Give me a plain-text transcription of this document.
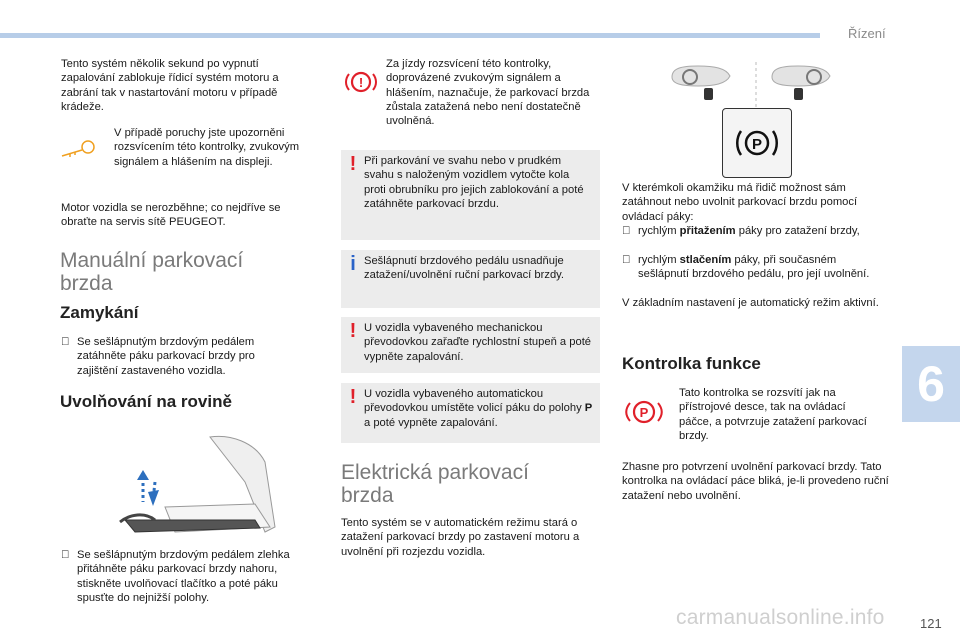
Řízení

Tento systém několik sekund po vypnutí zapalování zablokuje řídicí systém motoru a zabrání tak v nastartování motoru v případě krádeže.

V případě poruchy jste upozorněni rozsvícením této kontrolky, zvukovým signálem a hlášením na displeji.

Motor vozidla se nerozběhne; co nejdříve se obraťte na servis sítě PEUGEOT.

Manuální parkovací
brzda
Zamykání
Se sešlápnutým brzdovým pedálem zatáhněte páku parkovací brzdy pro zajištění zastaveného vozidla.
Uvolňování na rovině
Se sešlápnutým brzdovým pedálem zlehka přitáhněte páku parkovací brzdy nahoru, stiskněte uvolňovací tlačítko a poté páku spusťte do nejnižší polohy.
!

Za jízdy rozsvícení této kontrolky, doprovázené zvukovým signálem a hlášením, naznačuje, že parkovací brzda zůstala zatažená nebo není dostatečně uvolněná.

! Při parkování ve svahu nebo v prudkém svahu s naloženým vozidlem vytočte kola proti obrubníku pro jejich zablokování a poté zatáhněte parkovací brzdu.
i Sešlápnutí brzdového pedálu usnadňuje zatažení/uvolnění ruční parkovací brzdy.
! U vozidla vybaveného mechanickou převodovkou zařaďte rychlostní stupeň a poté vypněte zapalování.
! U vozidla vybaveného automatickou převodovkou umístěte volicí páku do polohy P a poté vypněte zapalování.
Elektrická parkovací
brzda

Tento systém se v automatickém režimu stará o zatažení parkovací brzdy po zastavení motoru a uvolnění při rozjezdu vozidla.

P

V kterémkoli okamžiku má řidič možnost sám zatáhnout nebo uvolnit parkovací brzdu pomocí ovládací páky:

rychlým přitažením páky pro zatažení brzdy,
rychlým stlačením páky, při současném sešlápnutí brzdového pedálu, pro její uvolnění.

V základním nastavení je automatický režim aktivní.

Kontrolka funkce
P

Tato kontrolka se rozsvítí jak na přístrojové desce, tak na ovládací páčce, a potvrzuje zatažení parkovací brzdy.

Zhasne pro potvrzení uvolnění parkovací brzdy. Tato kontrolka na ovládací páce bliká, je-li provedeno ruční zatažení nebo uvolnění.

6
carmanualsonline.info	121
